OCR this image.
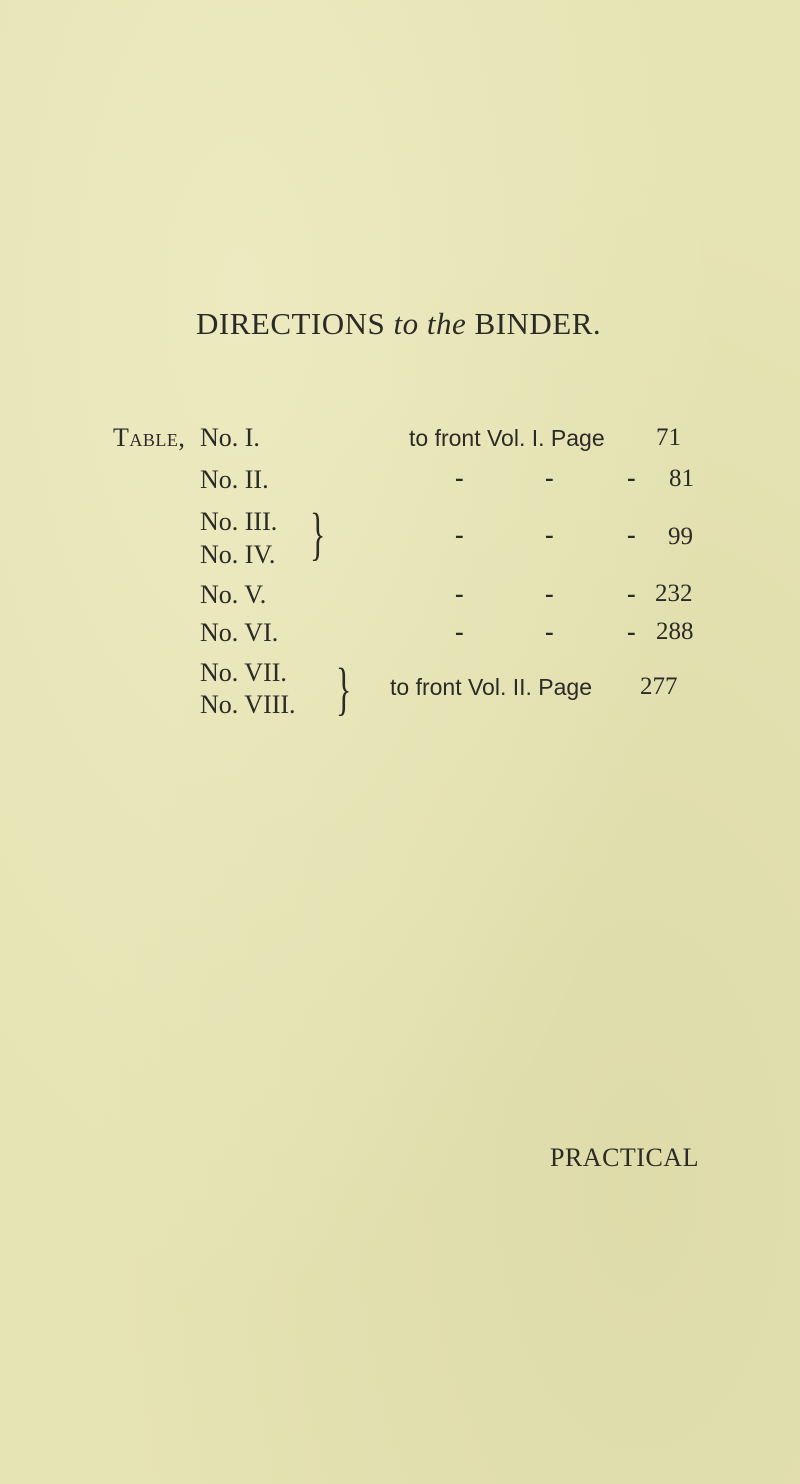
DIRECTIONS to the BINDER.
Table, No. I.	to front Vol. I. Page 71
No. II.	-	-	- 81
No. III.
No. IV. }	-	-	- 99
No. V.	-	-	- 232
No. VI.	-	-	- 288
No. VII.
No. VIII. } to front Vol. II. Page 277
PRACTICAL
